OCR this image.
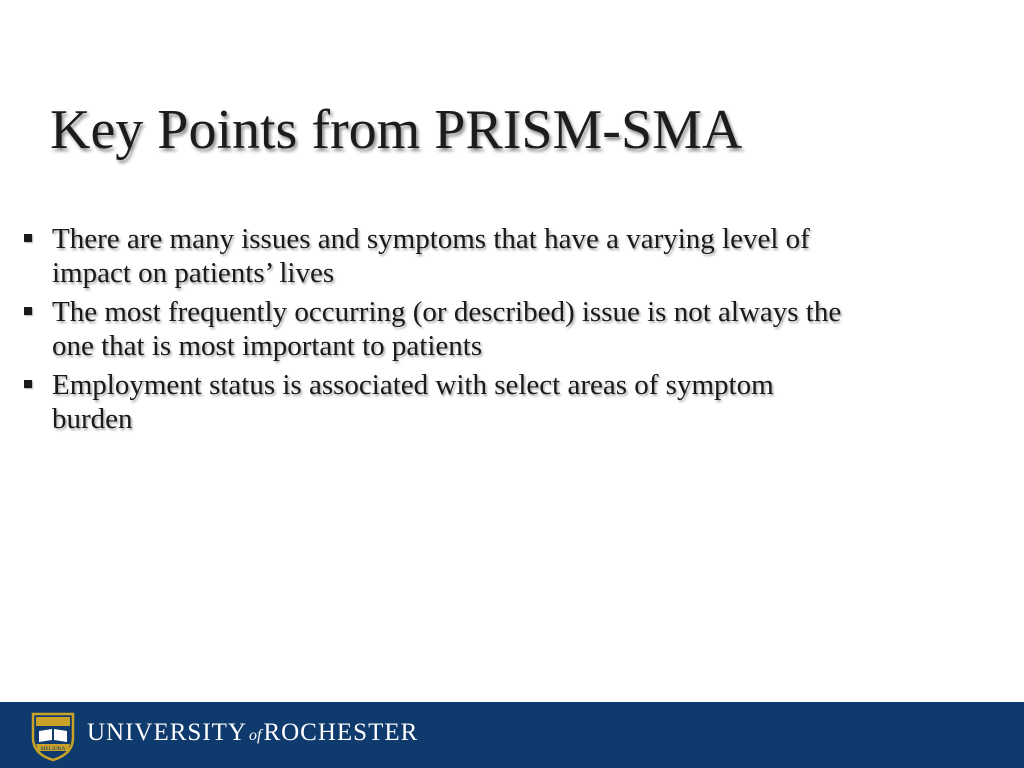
Key Points from PRISM-SMA
There are many issues and symptoms that have a varying level of impact on patients’ lives
The most frequently occurring (or described) issue is not always the one that is most important to patients
Employment status is associated with select areas of symptom burden
MELIORA
UNIVERSITY ofROCHESTER
